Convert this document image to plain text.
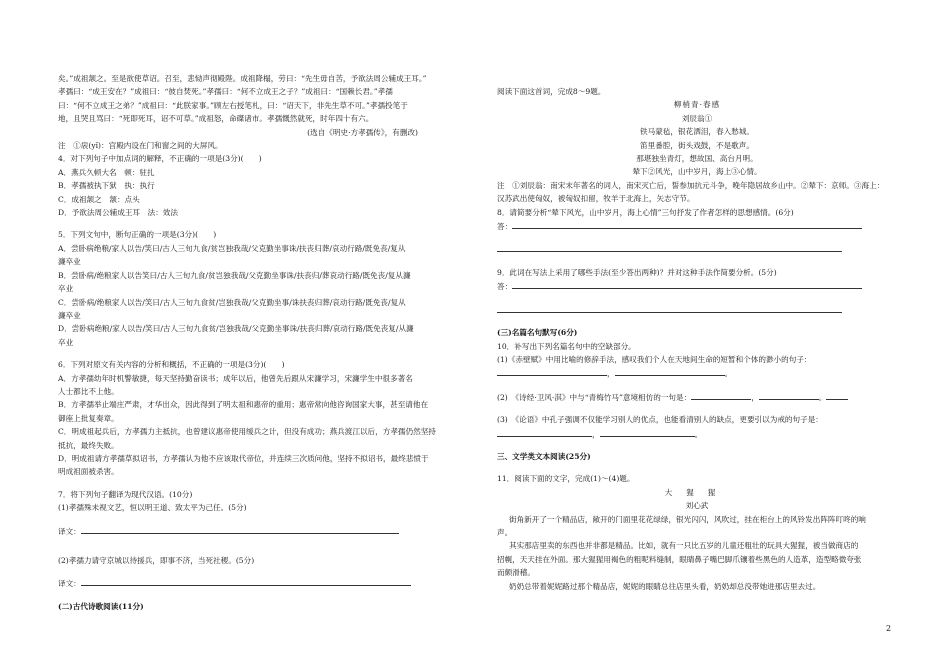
矣。”成祖颔之。至是欲使草诏。召至，悲恸声彻殿陛。成祖降榻，劳曰：“先生毋自苦，予欲法周公辅成王耳。”

孝孺曰：“成王安在？”成祖曰：“彼自焚死。”孝孺曰：“何不立成王之子？”成祖曰：“国赖长君。”孝孺

曰：“何不立成王之弟？”成祖曰：“此朕家事。”顾左右授笔札，曰：“诏天下，非先生草不可。”孝孺投笔于

地，且哭且骂曰：“死即死耳，诏不可草。”成祖怒，命磔诸市。孝孺慨然就死，时年四十有六。

(选自《明史·方孝孺传》，有删改)

注　①扆(yǐ)：宫殿内设在门和窗之间的大屏风。

4．对下列句子中加点词的解释，不正确的一项是(3分)(　　)

A．燕兵久顿大名　顿：驻扎

B．孝孺被执下狱　执：执行

C．成祖颔之　颔：点头

D．予欲法周公辅成王耳　法：效法

5．下列文句中，断句正确的一项是(3分)(　　)

A．尝卧病绝粮/家人以告/笑曰/古人三旬九食/贫岂独我哉/父克勤坐事诛/扶丧归葬/哀动行路/既免丧/复从

濂卒业

B．尝卧病/绝粮家人以告笑曰/古人三旬九食/贫岂独我哉/父克勤坐事诛/扶丧归/葬哀动行路/既免丧/复从濂

卒业

C．尝卧病/绝粮家人以告/笑曰/古人三旬九食贫/岂独我哉/父克勤坐事/诛扶丧归葬/哀动行路/既免丧/复从

濂卒业

D．尝卧病绝粮/家人以告/笑曰/古人三旬九食贫/岂独我哉/父克勤坐事诛/扶丧归葬/哀动行路/既免丧复/从濂

卒业

6．下列对原文有关内容的分析和概括，不正确的一项是(3分)(　　)

A．方孝孺幼年时机警敏捷，每天坚持勤奋读书；成年以后，他曾先后跟从宋濂学习，宋濂学生中很多著名

人士都比不上他。

B．方孝孺举止端庄严肃，才华出众，因此得到了明太祖和惠帝的重用；惠帝常向他咨询国家大事，甚至请他在

御座上批复奏章。

C．明成祖起兵后，方孝孺力主抵抗，也曾建议惠帝使用缓兵之计，但没有成功；燕兵渡江以后，方孝孺仍然坚持

抵抗，最终失败。

D．明成祖请方孝孺草拟诏书，方孝孺认为他不应该取代帝位，并连续三次质问他，坚持不拟诏书，最终悲愤于

明成祖面被杀害。

7．将下列句子翻译为现代汉语。(10分)

(1)孝孺殊未视文艺，恒以明王道、致太平为己任。(5分)

译文：

(2)孝孺力请守京城以待援兵，即事不济，当死社稷。(5分)

译文：

(二)古代诗歌阅读(11分)

阅读下面这首词，完成8～9题。

柳梢青·春感

刘辰翁①

铁马蒙毡，银花洒泪，春入愁城。

笛里番腔，街头戏鼓，不是歌声。

那堪独坐青灯，想故国、高台月明。

辇下②风光，山中岁月，海上③心情。

注　①刘辰翁：南宋末年著名的词人，南宋灭亡后，誓参加抗元斗争，晚年隐居故乡山中。②辇下：京师。③海上：

汉苏武出使匈奴，被匈奴扣留，牧羊于北海上，矢志守节。

8．请简要分析“辇下风光，山中岁月，海上心情”三句抒发了作者怎样的思想感情。(6分)

答：

9．此词在写法上采用了哪些手法(至少答出两种)？并对这种手法作简要分析。(5分)

答：

(三)名篇名句默写(6分)

10．补写出下列名篇名句中的空缺部分。

(1)《赤壁赋》中用比喻的修辞手法，感叹我们个人在天地间生命的短暂和个体的渺小的句子：

，	。

(2)　《诗经·卫风·淇》中与“青梅竹马”意境相仿的一句是：	，	。

(3)　《论语》中孔子强调不仅能学习别人的优点，也能看清别人的缺点，更要引以为戒的句子是：

，	。

三、文学类文本阅读(25分)

11．阅读下面的文字，完成(1)～(4)题。

大猩猩

刘心武

街角新开了一个精品店，敞开的门面里花花绿绿，银光闪闪，风吹过，挂在柜台上的风铃发出阵阵叮咚的响

声。

其实那店里卖的东西也并非都是精品。比如，就有一只比五岁的儿童还粗壮的玩具大猩猩，被当做商店的

招幌，天天挂在外面。那大猩猩用褐色的粗呢料缝制，眼睛鼻子嘴巴脚爪镶着些黑色的人造革，造型略微夸张

而颇滑稽。

奶奶总带着妮妮路过那个精品店，妮妮的眼睛总往店里头看，奶奶却总没带她进那店里去过。

2
